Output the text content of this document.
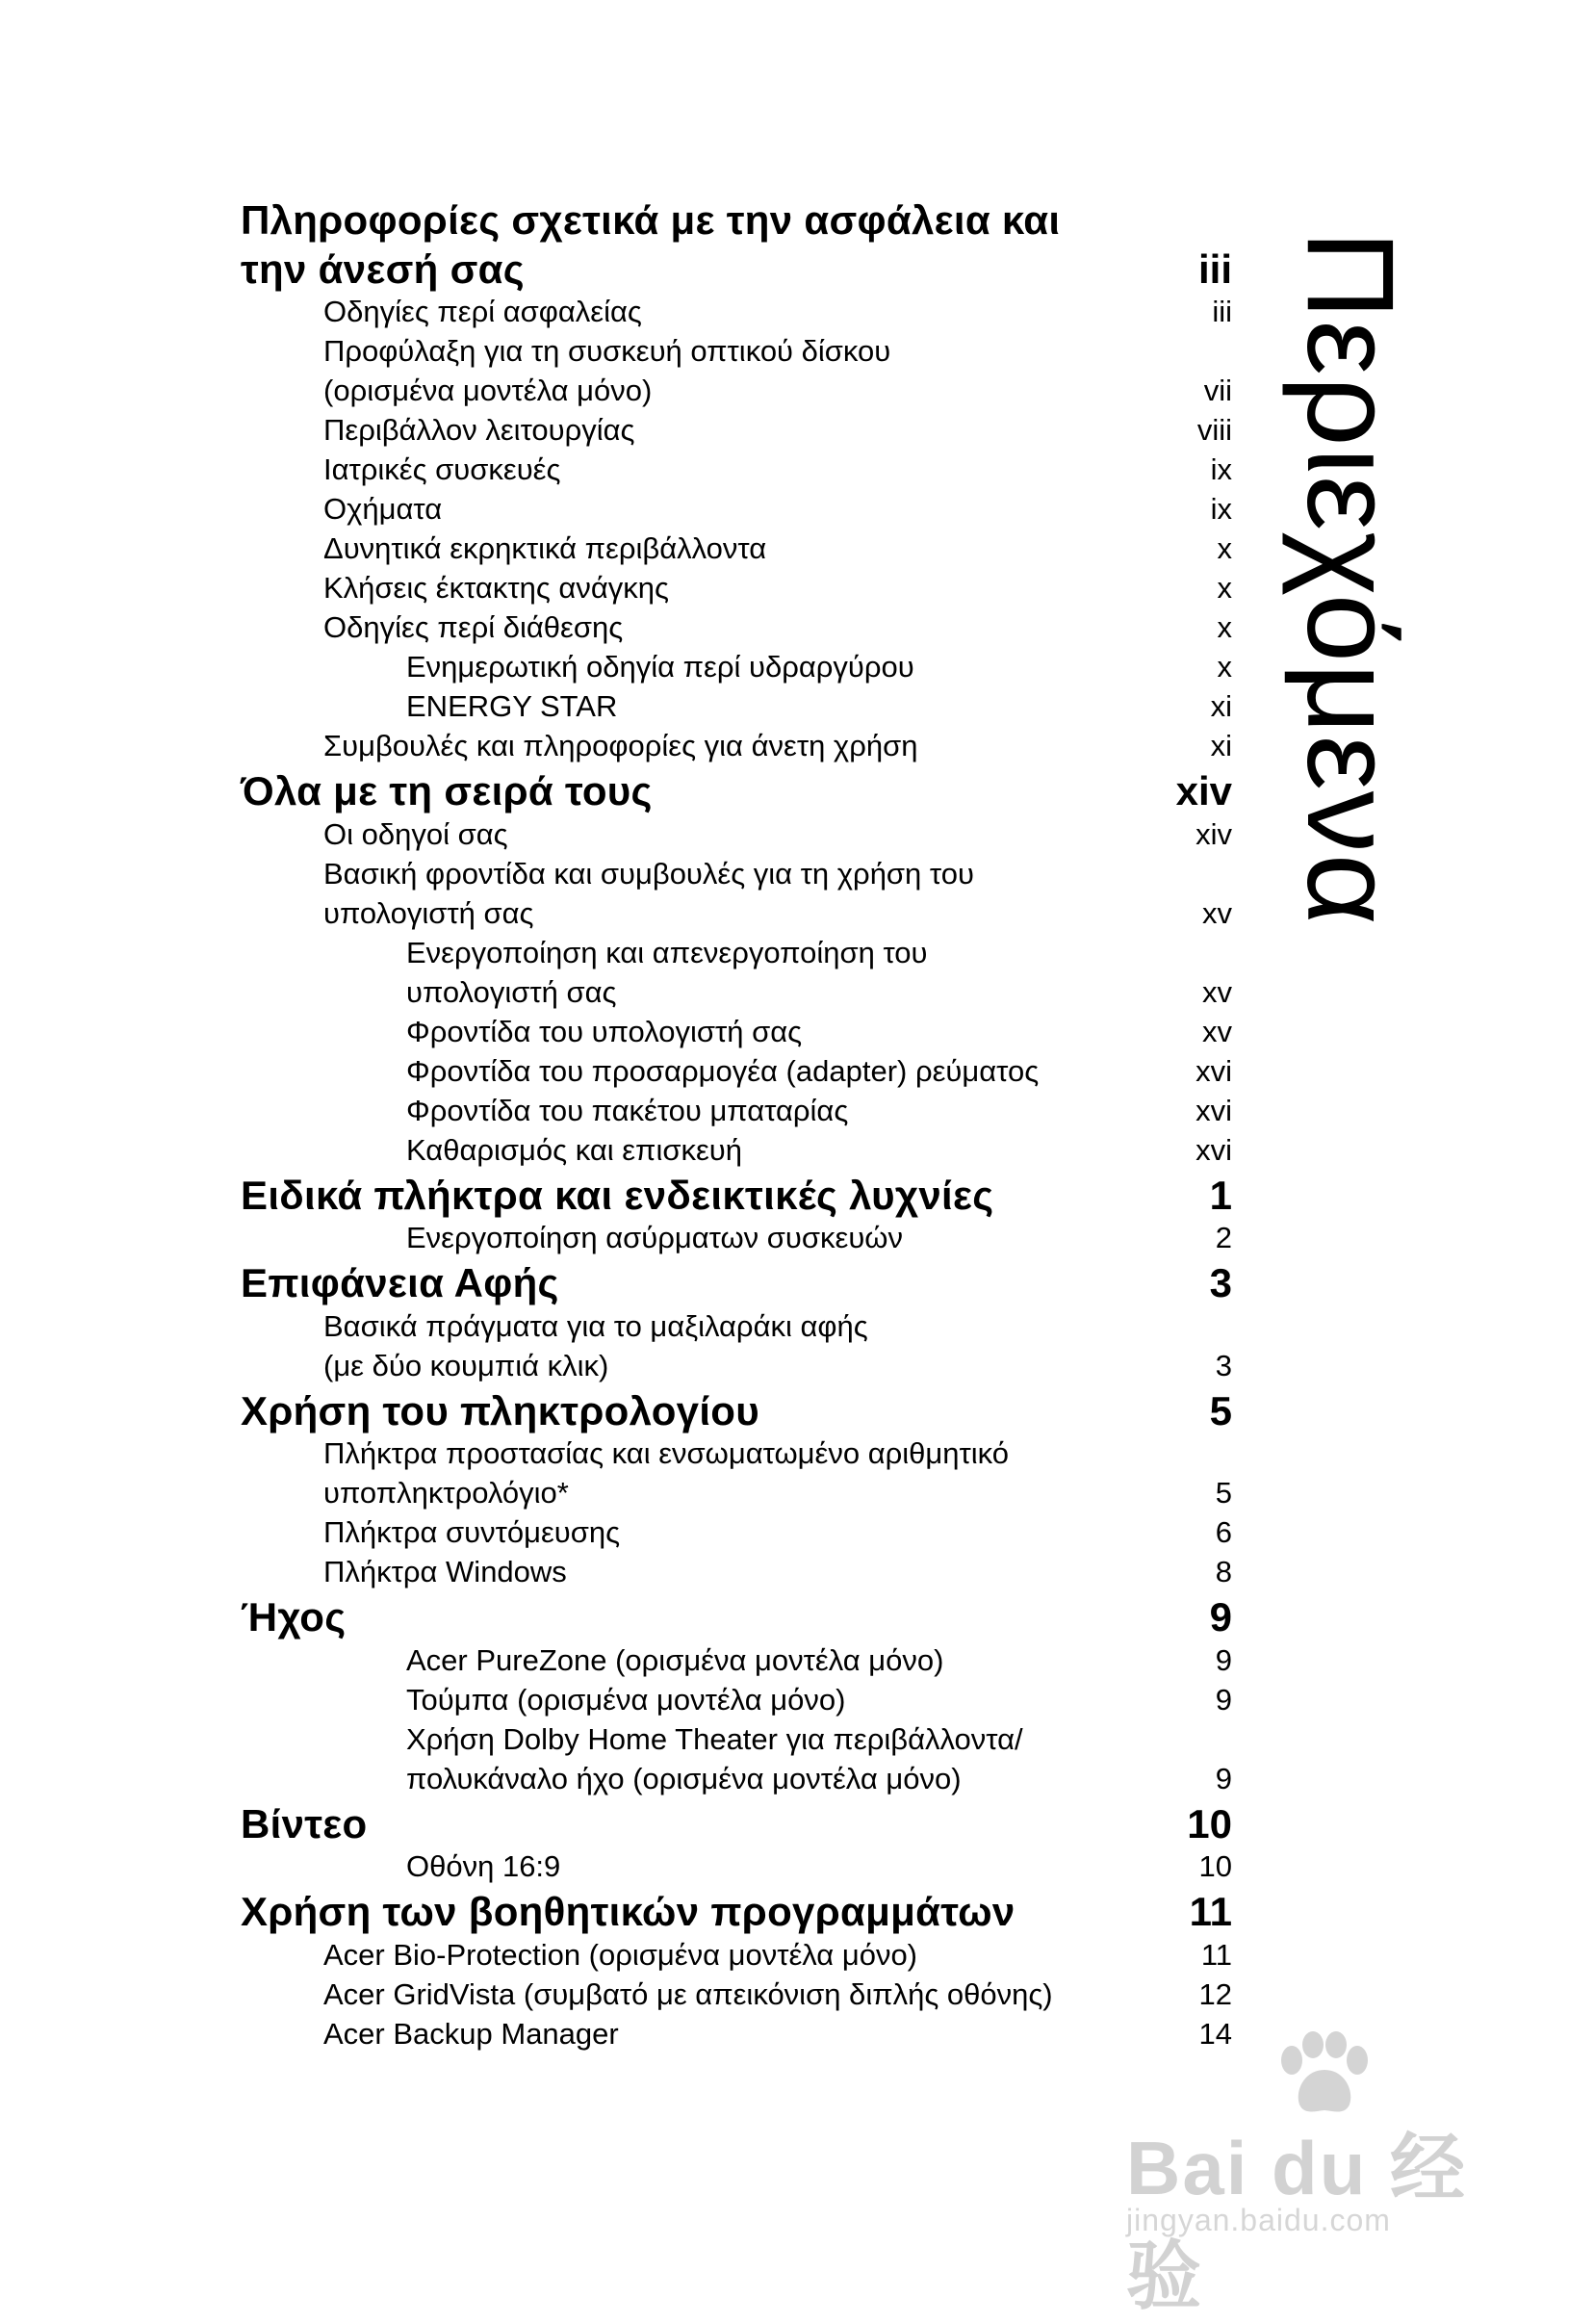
Πληροφορίες σχετικά με την ασφάλεια και
την άνεσή σας	iii
Οδηγίες περί ασφαλείας	iii
Προφύλαξη για τη συσκευή οπτικού δίσκου
(ορισμένα μοντέλα μόνο)	vii
Περιβάλλον λειτουργίας	viii
Ιατρικές συσκευές	ix
Οχήματα	ix
Δυνητικά εκρηκτικά περιβάλλοντα	x
Κλήσεις έκτακτης ανάγκης	x
Οδηγίες περί διάθεσης	x
Ενημερωτική οδηγία περί υδραργύρου	x
ENERGY STAR	xi
Συμβουλές και πληροφορίες για άνετη χρήση	xi
Όλα με τη σειρά τους	xiv
Οι οδηγοί σας	xiv
Βασική φροντίδα και συμβουλές για τη χρήση του
υπολογιστή σας	xv
Ενεργοποίηση και απενεργοποίηση του
υπολογιστή σας	xv
Φροντίδα του υπολογιστή σας	xv
Φροντίδα του προσαρμογέα (adapter) ρεύματος	xvi
Φροντίδα του πακέτου μπαταρίας	xvi
Καθαρισμός και επισκευή	xvi
Ειδικά πλήκτρα και ενδεικτικές λυχνίες	1
Ενεργοποίηση ασύρματων συσκευών	2
Επιφάνεια Αφής	3
Βασικά πράγματα για το μαξιλαράκι αφής
(με δύο κουμπιά κλικ)	3
Χρήση του πληκτρολογίου	5
Πλήκτρα προστασίας και ενσωματωμένο αριθμητικό
υποπληκτρολόγιο*	5
Πλήκτρα συντόμευσης	6
Πλήκτρα Windows	8
Ήχος	9
Acer PureZone (ορισμένα μοντέλα μόνο)	9
Τούμπα (ορισμένα μοντέλα μόνο)	9
Χρήση Dolby Home Theater για περιβάλλοντα/
πολυκάναλο ήχο (ορισμένα μοντέλα μόνο)	9
Βίντεο	10
Οθόνη 16:9	10
Χρήση των βοηθητικών προγραμμάτων	11
Acer Bio-Protection (ορισμένα μοντέλα μόνο)	11
Acer GridVista (συμβατό με απεικόνιση διπλής οθόνης)	12
Acer Backup Manager	14
Περιεχόμενα
Bai du 经验
jingyan.baidu.com
